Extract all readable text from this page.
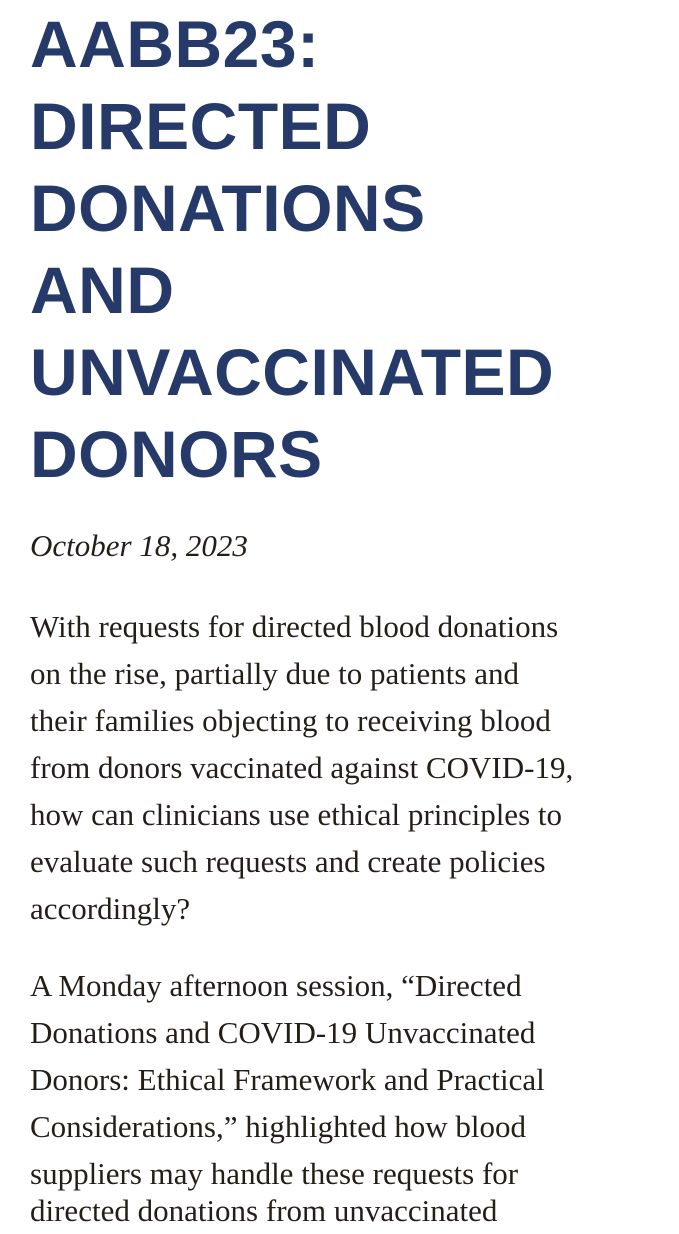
AABB23:
DIRECTED
DONATIONS
AND
UNVACCINATED
DONORS

October 18, 2023

With requests for directed blood donations
on the rise, partially due to patients and
their families objecting to receiving blood
from donors vaccinated against COVID-19,
how can clinicians use ethical principles to
evaluate such requests and create policies
accordingly?
A Monday afternoon session, “Directed
Donations and COVID-19 Unvaccinated
Donors: Ethical Framework and Practical
Considerations,” highlighted how blood
suppliers may handle these requests for
directed donations from unvaccinated
